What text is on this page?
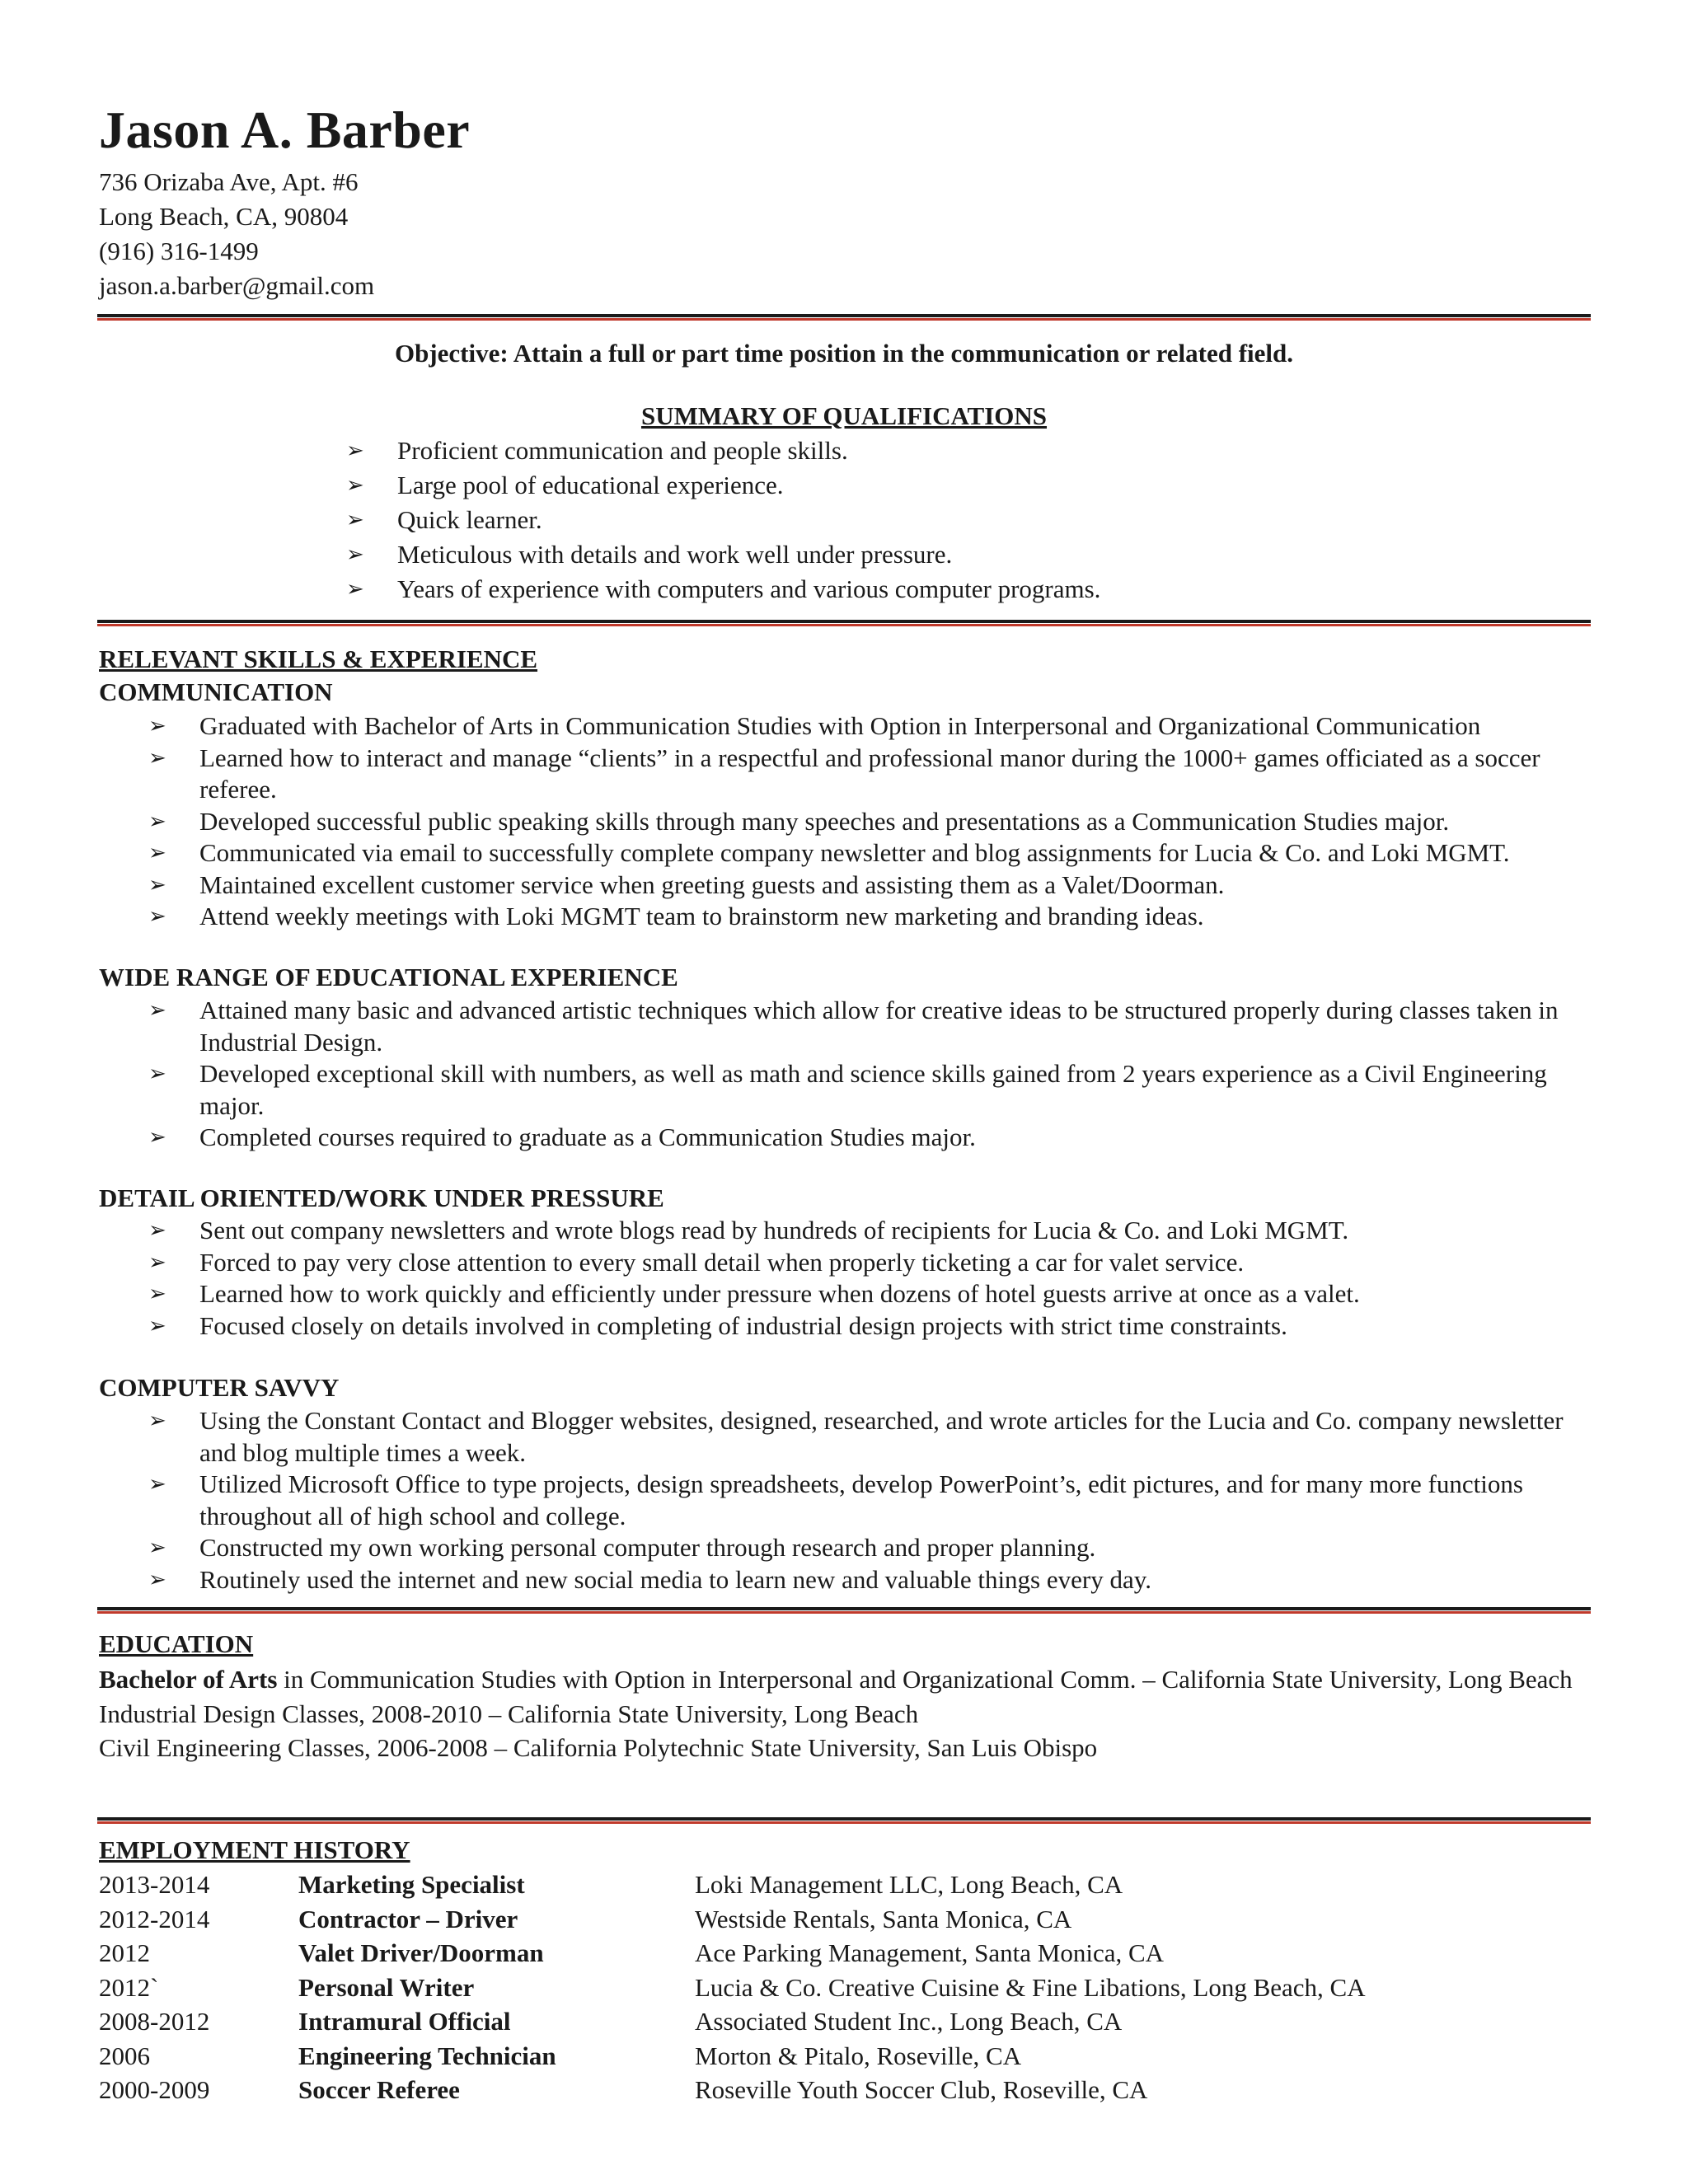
Jason A. Barber
736 Orizaba Ave, Apt. #6
Long Beach, CA, 90804
(916) 316-1499
jason.a.barber@gmail.com
Objective: Attain a full or part time position in the communication or related field.
SUMMARY OF QUALIFICATIONS
➢ Proficient communication and people skills.
➢ Large pool of educational experience.
➢ Quick learner.
➢ Meticulous with details and work well under pressure.
➢ Years of experience with computers and various computer programs.
RELEVANT SKILLS & EXPERIENCE
COMMUNICATION
➢ Graduated with Bachelor of Arts in Communication Studies with Option in Interpersonal and Organizational Communication
➢ Learned how to interact and manage “clients” in a respectful and professional manor during the 1000+ games officiated as a soccer referee.
➢ Developed successful public speaking skills through many speeches and presentations as a Communication Studies major.
➢ Communicated via email to successfully complete company newsletter and blog assignments for Lucia & Co. and Loki MGMT.
➢ Maintained excellent customer service when greeting guests and assisting them as a Valet/Doorman.
➢ Attend weekly meetings with Loki MGMT team to brainstorm new marketing and branding ideas.
WIDE RANGE OF EDUCATIONAL EXPERIENCE
➢ Attained many basic and advanced artistic techniques which allow for creative ideas to be structured properly during classes taken in Industrial Design.
➢ Developed exceptional skill with numbers, as well as math and science skills gained from 2 years experience as a Civil Engineering major.
➢ Completed courses required to graduate as a Communication Studies major.
DETAIL ORIENTED/WORK UNDER PRESSURE
➢ Sent out company newsletters and wrote blogs read by hundreds of recipients for Lucia & Co. and Loki MGMT.
➢ Forced to pay very close attention to every small detail when properly ticketing a car for valet service.
➢ Learned how to work quickly and efficiently under pressure when dozens of hotel guests arrive at once as a valet.
➢ Focused closely on details involved in completing of industrial design projects with strict time constraints.
COMPUTER SAVVY
➢ Using the Constant Contact and Blogger websites, designed, researched, and wrote articles for the Lucia and Co. company newsletter and blog multiple times a week.
➢ Utilized Microsoft Office to type projects, design spreadsheets, develop PowerPoint’s, edit pictures, and for many more functions throughout all of high school and college.
➢ Constructed my own working personal computer through research and proper planning.
➢ Routinely used the internet and new social media to learn new and valuable things every day.
EDUCATION
Bachelor of Arts in Communication Studies with Option in Interpersonal and Organizational Comm. – California State University, Long Beach
Industrial Design Classes, 2008-2010 – California State University, Long Beach
Civil Engineering Classes, 2006-2008 – California Polytechnic State University, San Luis Obispo
EMPLOYMENT HISTORY
2013-2014	Marketing Specialist	Loki Management LLC, Long Beach, CA
2012-2014	Contractor – Driver	Westside Rentals, Santa Monica, CA
2012	Valet Driver/Doorman	Ace Parking Management, Santa Monica, CA
2012`	Personal Writer	Lucia & Co. Creative Cuisine & Fine Libations, Long Beach, CA
2008-2012	Intramural Official	Associated Student Inc., Long Beach, CA
2006	Engineering Technician	Morton & Pitalo, Roseville, CA
2000-2009	Soccer Referee	Roseville Youth Soccer Club, Roseville, CA
